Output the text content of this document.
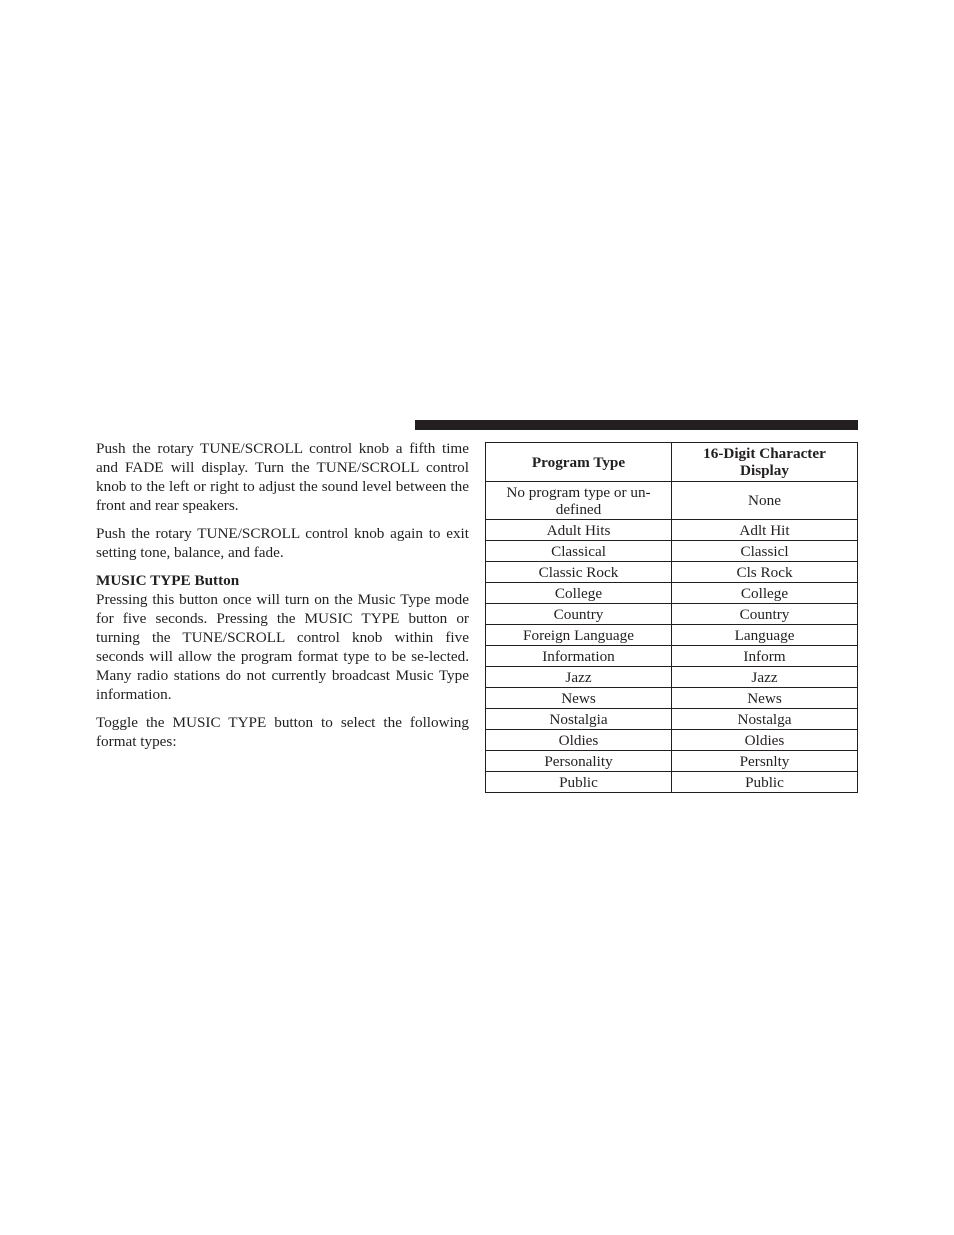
Push the rotary TUNE/SCROLL control knob a fifth time and FADE will display. Turn the TUNE/SCROLL control knob to the left or right to adjust the sound level between the front and rear speakers.

Push the rotary TUNE/SCROLL control knob again to exit setting tone, balance, and fade.

MUSIC TYPE Button

Pressing this button once will turn on the Music Type mode for five seconds. Pressing the MUSIC TYPE button or turning the TUNE/SCROLL control knob within five seconds will allow the program format type to be se-lected. Many radio stations do not currently broadcast Music Type information.

Toggle the MUSIC TYPE button to select the following format types:

Program Type	16-Digit Character Display
No program type or un-defined	None
Adult Hits	Adlt Hit
Classical	Classicl
Classic Rock	Cls Rock
College	College
Country	Country
Foreign Language	Language
Information	Inform
Jazz	Jazz
News	News
Nostalgia	Nostalga
Oldies	Oldies
Personality	Persnlty
Public	Public
